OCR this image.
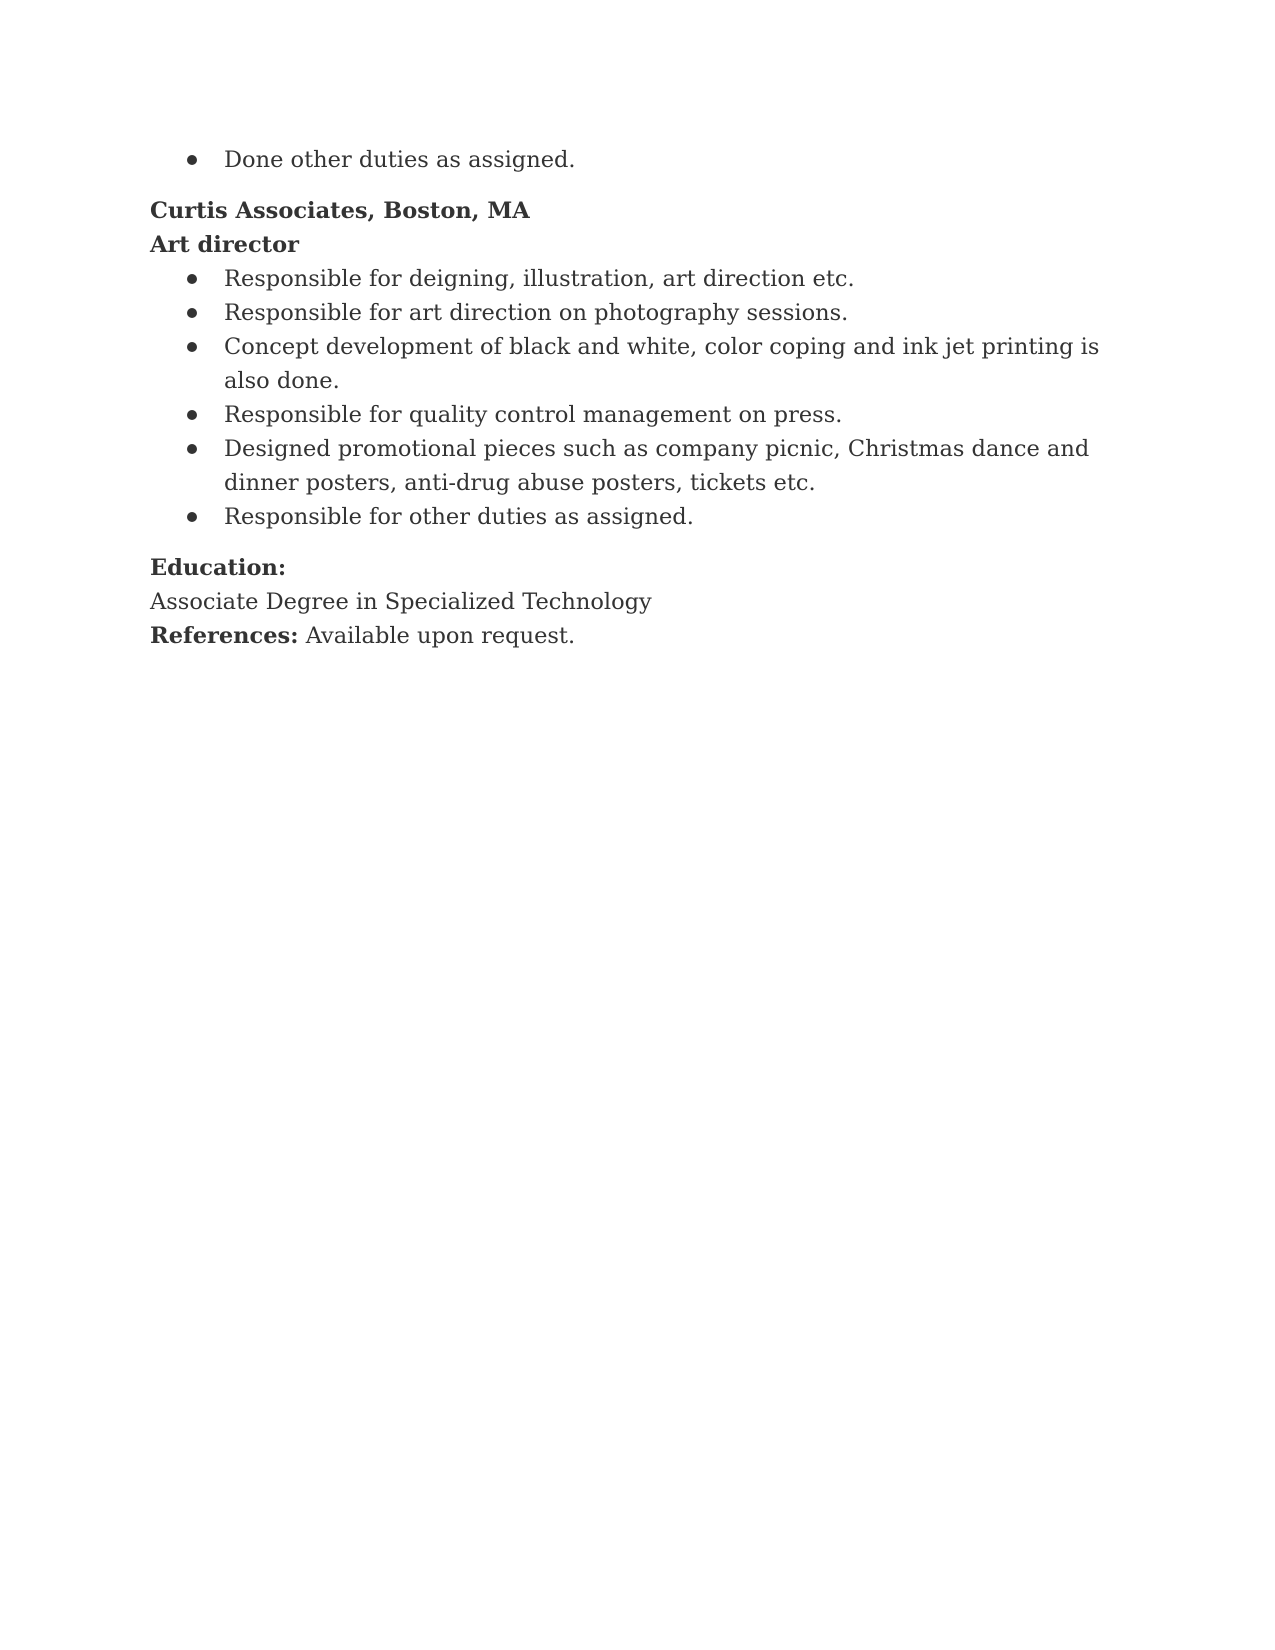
Done other duties as assigned.
Curtis Associates, Boston, MA
Art director
Responsible for deigning, illustration, art direction etc.
Responsible for art direction on photography sessions.
Concept development of black and white, color coping and ink jet printing is also done.
Responsible for quality control management on press.
Designed promotional pieces such as company picnic, Christmas dance and dinner posters, anti-drug abuse posters, tickets etc.
Responsible for other duties as assigned.
Education:
Associate Degree in Specialized Technology
References: Available upon request.
